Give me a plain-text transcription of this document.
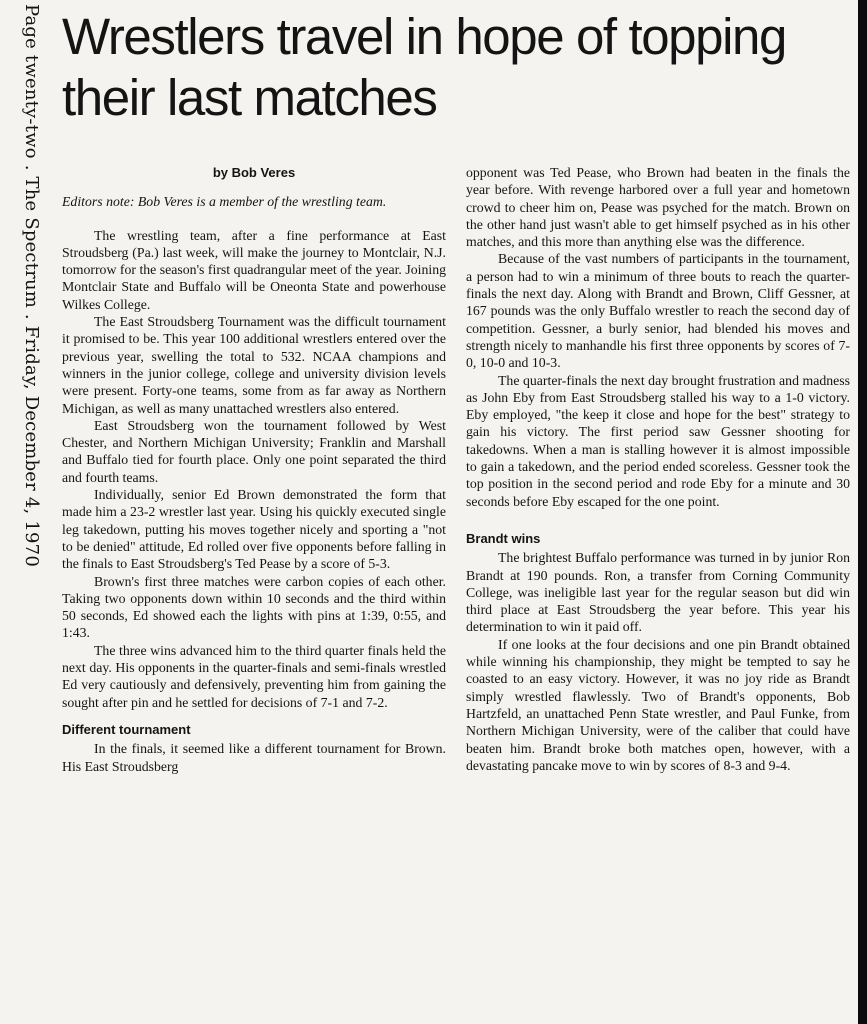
Page twenty-two . The Spectrum . Friday, December 4, 1970 Wrestlers travel in hope of topping their last matches
by Bob Veres
Editors note: Bob Veres is a member of the wrestling team.

The wrestling team, after a fine performance at East Stroudsberg (Pa.) last week, will make the journey to Montclair, N.J. tomorrow for the season's first quadrangular meet of the year. Joining Montclair State and Buffalo will be Oneonta State and powerhouse Wilkes College.

The East Stroudsberg Tournament was the difficult tournament it promised to be. This year 100 additional wrestlers entered over the previous year, swelling the total to 532. NCAA champions and winners in the junior college, college and university division levels were present. Forty-one teams, some from as far away as Northern Michigan, as well as many unattached wrestlers also entered.

East Stroudsberg won the tournament followed by West Chester, and Northern Michigan University; Franklin and Marshall and Buffalo tied for fourth place. Only one point separated the third and fourth teams.

Individually, senior Ed Brown demonstrated the form that made him a 23-2 wrestler last year. Using his quickly executed single leg takedown, putting his moves together nicely and sporting a "not to be denied" attitude, Ed rolled over five opponents before falling in the finals to East Stroudsberg's Ted Pease by a score of 5-3.

Brown's first three matches were carbon copies of each other. Taking two opponents down within 10 seconds and the third within 50 seconds, Ed showed each the lights with pins at 1:39, 0:55, and 1:43.

The three wins advanced him to the third quarter finals held the next day. His opponents in the quarter-finals and semi-finals wrestled Ed very cautiously and defensively, preventing him from gaining the sought after pin and he settled for decisions of 7-1 and 7-2.

Different tournament

In the finals, it seemed like a different tournament for Brown. His East Stroudsberg

opponent was Ted Pease, who Brown had beaten in the finals the year before. With revenge harbored over a full year and hometown crowd to cheer him on, Pease was psyched for the match. Brown on the other hand just wasn't able to get himself psyched as in his other matches, and this more than anything else was the difference.

Because of the vast numbers of participants in the tournament, a person had to win a minimum of three bouts to reach the quarter-finals the next day. Along with Brandt and Brown, Cliff Gessner, at 167 pounds was the only Buffalo wrestler to reach the second day of competition. Gessner, a burly senior, had blended his moves and strength nicely to manhandle his first three opponents by scores of 7-0, 10-0 and 10-3.

The quarter-finals the next day brought frustration and madness as John Eby from East Stroudsberg stalled his way to a 1-0 victory. Eby employed, "the keep it close and hope for the best" strategy to gain his victory. The first period saw Gessner shooting for takedowns. When a man is stalling however it is almost impossible to gain a takedown, and the period ended scoreless. Gessner took the top position in the second period and rode Eby for a minute and 30 seconds before Eby escaped for the one point.

Brandt wins

The brightest Buffalo performance was turned in by junior Ron Brandt at 190 pounds. Ron, a transfer from Corning Community College, was ineligible last year for the regular season but did win third place at East Stroudsberg the year before. This year his determination to win it paid off.

If one looks at the four decisions and one pin Brandt obtained while winning his championship, they might be tempted to say he coasted to an easy victory. However, it was no joy ride as Brandt simply wrestled flawlessly. Two of Brandt's opponents, Bob Hartzfeld, an unattached Penn State wrestler, and Paul Funke, from Northern Michigan University, were of the caliber that could have beaten him. Brandt broke both matches open, however, with a devastating pancake move to win by scores of 8-3 and 9-4.
